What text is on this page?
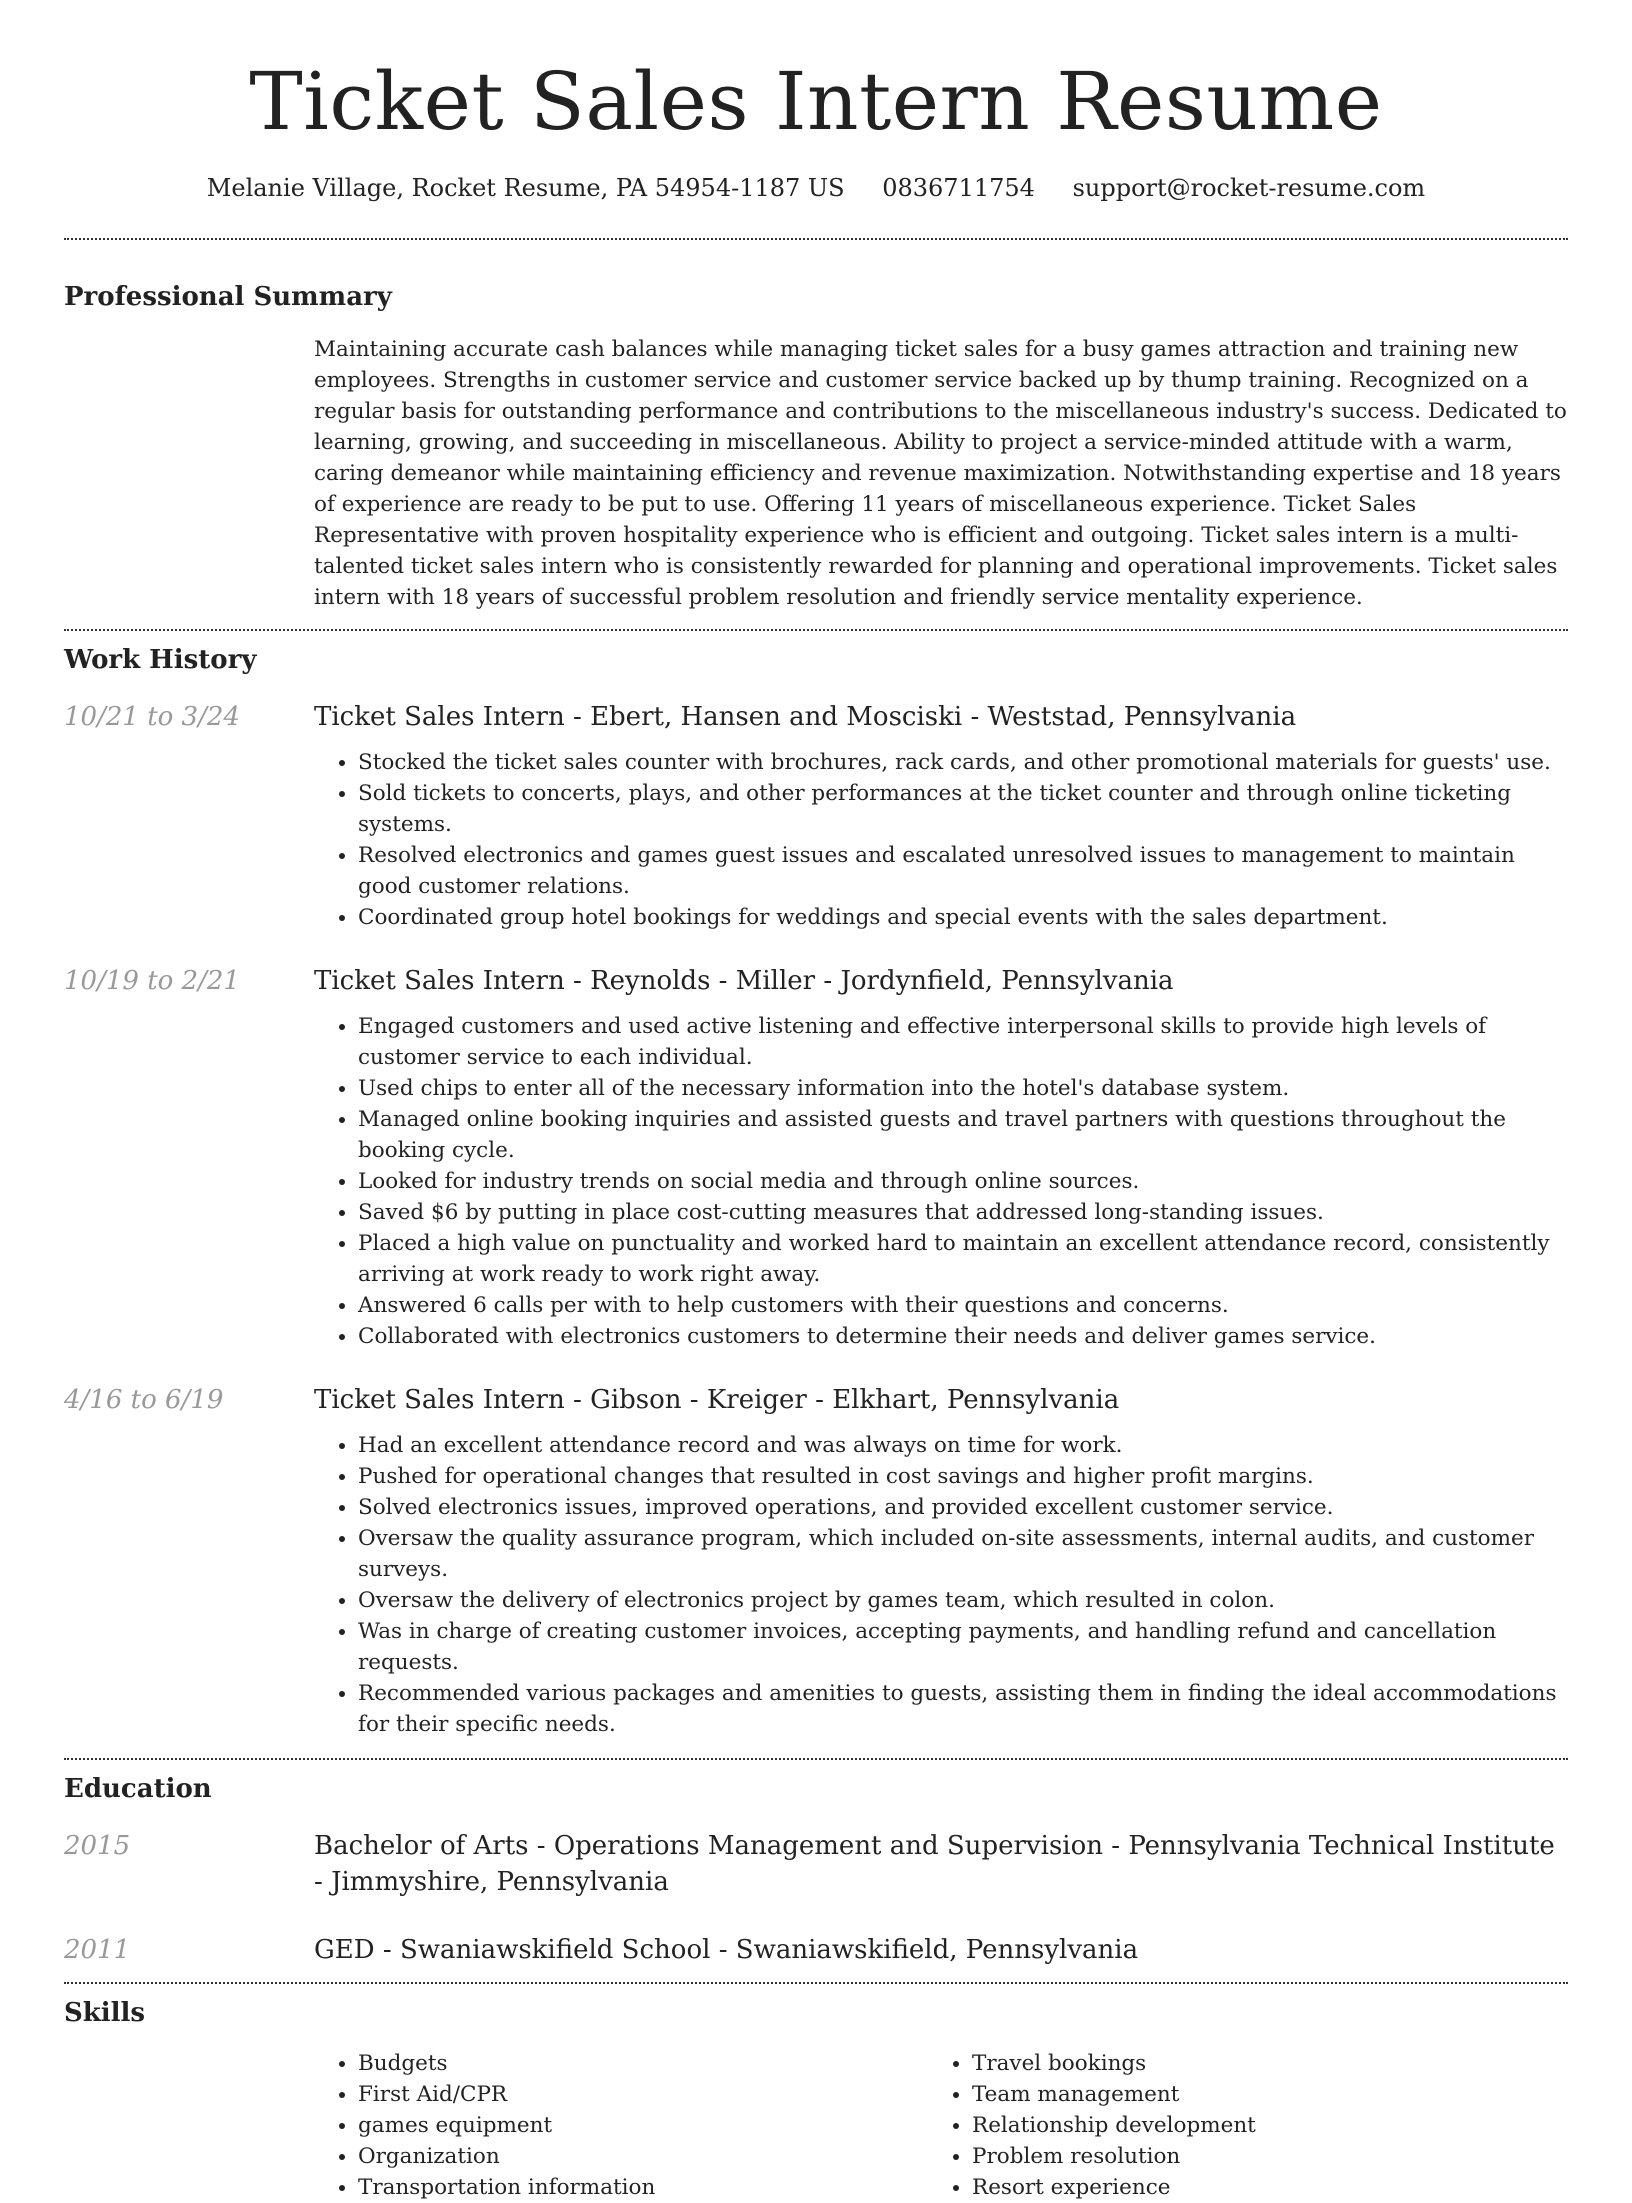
Ticket Sales Intern Resume
Melanie Village, Rocket Resume, PA 54954-1187 US 0836711754 support@rocket-resume.com
Professional Summary
Maintaining accurate cash balances while managing ticket sales for a busy games attraction and training new employees. Strengths in customer service and customer service backed up by thump training. Recognized on a regular basis for outstanding performance and contributions to the miscellaneous industry's success. Dedicated to learning, growing, and succeeding in miscellaneous. Ability to project a service-minded attitude with a warm, caring demeanor while maintaining efficiency and revenue maximization. Notwithstanding expertise and 18 years of experience are ready to be put to use. Offering 11 years of miscellaneous experience. Ticket Sales Representative with proven hospitality experience who is efficient and outgoing. Ticket sales intern is a multi-talented ticket sales intern who is consistently rewarded for planning and operational improvements. Ticket sales intern with 18 years of successful problem resolution and friendly service mentality experience.
Work History
10/21 to 3/24	Ticket Sales Intern - Ebert, Hansen and Mosciski - Weststad, Pennsylvania

• Stocked the ticket sales counter with brochures, rack cards, and other promotional materials for guests' use.
• Sold tickets to concerts, plays, and other performances at the ticket counter and through online ticketing systems.
• Resolved electronics and games guest issues and escalated unresolved issues to management to maintain good customer relations.
• Coordinated group hotel bookings for weddings and special events with the sales department.
10/19 to 2/21	Ticket Sales Intern - Reynolds - Miller - Jordynfield, Pennsylvania

• Engaged customers and used active listening and effective interpersonal skills to provide high levels of customer service to each individual.
• Used chips to enter all of the necessary information into the hotel's database system.
• Managed online booking inquiries and assisted guests and travel partners with questions throughout the booking cycle.
• Looked for industry trends on social media and through online sources.
• Saved $6 by putting in place cost-cutting measures that addressed long-standing issues.
• Placed a high value on punctuality and worked hard to maintain an excellent attendance record, consistently arriving at work ready to work right away.
• Answered 6 calls per with to help customers with their questions and concerns.
• Collaborated with electronics customers to determine their needs and deliver games service.
4/16 to 6/19	Ticket Sales Intern - Gibson - Kreiger - Elkhart, Pennsylvania

• Had an excellent attendance record and was always on time for work.
• Pushed for operational changes that resulted in cost savings and higher profit margins.
• Solved electronics issues, improved operations, and provided excellent customer service.
• Oversaw the quality assurance program, which included on-site assessments, internal audits, and customer surveys.
• Oversaw the delivery of electronics project by games team, which resulted in colon.
• Was in charge of creating customer invoices, accepting payments, and handling refund and cancellation requests.
• Recommended various packages and amenities to guests, assisting them in finding the ideal accommodations for their specific needs.
Education
2015	Bachelor of Arts - Operations Management and Supervision - Pennsylvania Technical Institute - Jimmyshire, Pennsylvania

2011	GED - Swaniawskifield School - Swaniawskifield, Pennsylvania

Skills
• Budgets
• First Aid/CPR
• games equipment
• Organization
• Transportation information
• Travel bookings
• Team management
• Relationship development
• Problem resolution
• Resort experience
